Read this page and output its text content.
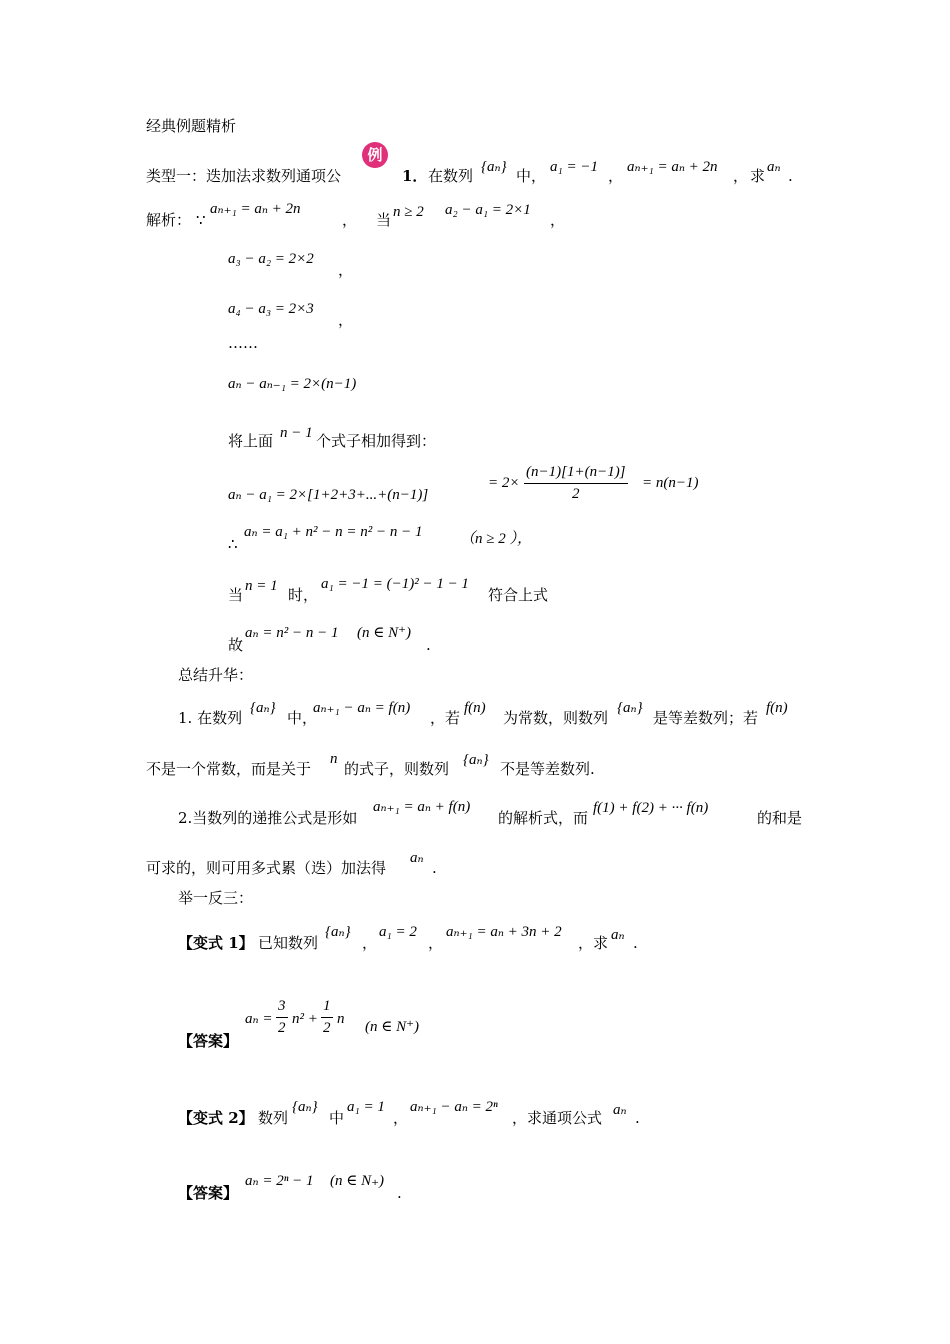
经典例题精析
类型一：迭加法求数列通项公
例
1． 在数列 {aₙ} 中， a₁ = −1 ， aₙ₊₁ = aₙ + 2n ， 求 aₙ .
解析： ∵
aₙ₊₁ = aₙ + 2n
， 当 n ≥ 2 a₂ − a₁ = 2×1
，
a₃ − a₂ = 2×2
，
a₄ − a₃ = 2×3
，
……
aₙ − aₙ₋₁ = 2×(n−1)
将上面 n − 1 个式子相加得到：
aₙ − a₁ = 2×[1+2+3+...+(n−1)]
= $2\times \frac{(n-1)[1+(n-1)]}{2} = n(n-1)$
∴
aₙ = a₁ + n² − n = n² − n − 1 （n ≥ 2 ），
当 n = 1 时，
a₁ = −1 = (−1)² − 1 − 1
符合上式
故
aₙ = n² − n − 1 (n ∈ N⁺)
.
总结升华：
1. 在数列
{aₙ}
中，
aₙ₊₁ − aₙ = f(n)
，若
f(n)
为常数，则数列
{aₙ}
是等差数列；若
f(n)
不是一个常数，而是关于
n
的式子，则数列 {aₙ} 不是等差数列.
2.当数列的递推公式是形如
aₙ₊₁ = aₙ + f(n)
的解析式，而
f(1) + f(2) + ··· f(n)
的和是
可求的，则可用多式累（迭）加法得
aₙ
.
举一反三：
【变式 1】 已知数列
{aₙ}
，
a₁ = 2
，
aₙ₊₁ = aₙ + 3n + 2
，求 aₙ .
【答案】
$a_n = \frac{3}{2} n^2 + \frac{1}{2}$ n (n ∈ N⁺)
【变式 2】 数列
{aₙ}
中
a₁ = 1
，
aₙ₊₁ − aₙ = 2ⁿ
，求通项公式 aₙ .
【答案】
aₙ = 2ⁿ − 1 (n ∈ N₊)
.
